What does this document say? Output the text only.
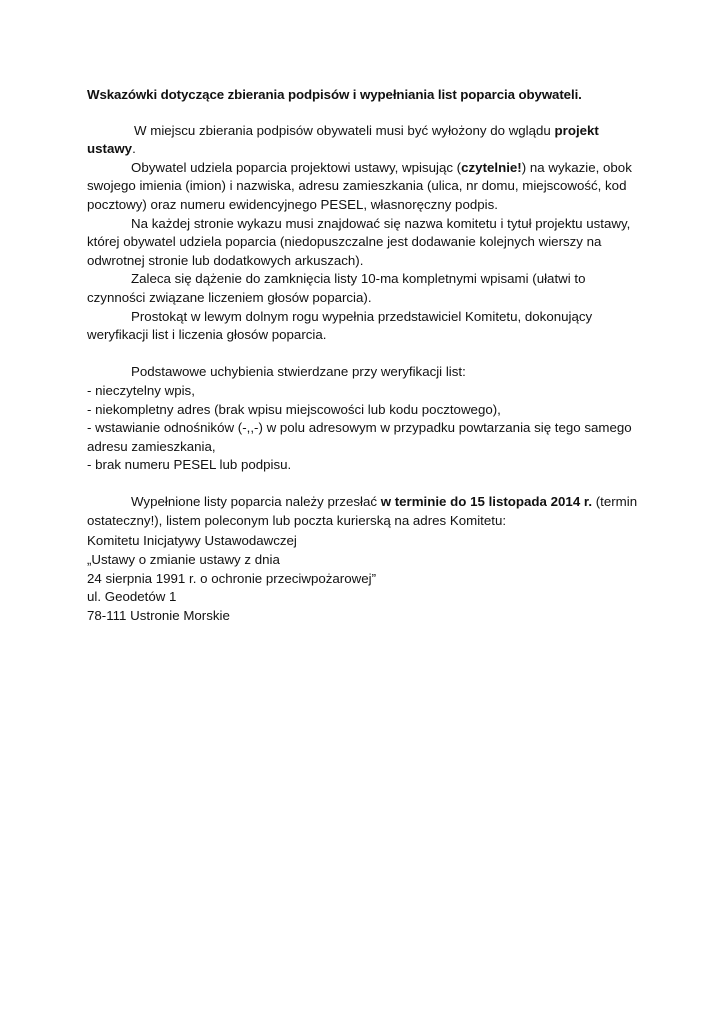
Wskazówki dotyczące zbierania podpisów i wypełniania list poparcia obywateli.

W miejscu zbierania podpisów obywateli musi być wyłożony do wglądu projekt ustawy.

Obywatel udziela poparcia projektowi ustawy, wpisując (czytelnie!) na wykazie, obok swojego imienia (imion) i nazwiska, adresu zamieszkania (ulica, nr domu, miejscowość, kod pocztowy) oraz numeru ewidencyjnego PESEL, własnoręczny podpis.

Na każdej stronie wykazu musi znajdować się nazwa komitetu i tytuł projektu ustawy, której obywatel udziela poparcia (niedopuszczalne jest dodawanie kolejnych wierszy na odwrotnej stronie lub dodatkowych arkuszach).

Zaleca się dążenie do zamknięcia listy 10-ma kompletnymi wpisami (ułatwi to czynności związane liczeniem głosów poparcia).

Prostokąt w lewym dolnym rogu wypełnia przedstawiciel Komitetu, dokonujący weryfikacji list i liczenia głosów poparcia.

Podstawowe uchybienia stwierdzane przy weryfikacji list:

- nieczytelny wpis,
- niekompletny adres (brak wpisu miejscowości lub kodu pocztowego),
- wstawianie odnośników (-,,-) w polu adresowym w przypadku powtarzania się tego samego adresu zamieszkania,
- brak numeru PESEL lub podpisu.

Wypełnione listy poparcia należy przesłać w terminie do 15 listopada 2014 r. (termin ostateczny!), listem poleconym lub poczta kurierską na adres Komitetu:

Komitetu Inicjatywy Ustawodawczej
„Ustawy o zmianie ustawy z dnia
24 sierpnia 1991 r. o ochronie przeciwpożarowej”
ul. Geodetów 1
78-111 Ustronie Morskie
